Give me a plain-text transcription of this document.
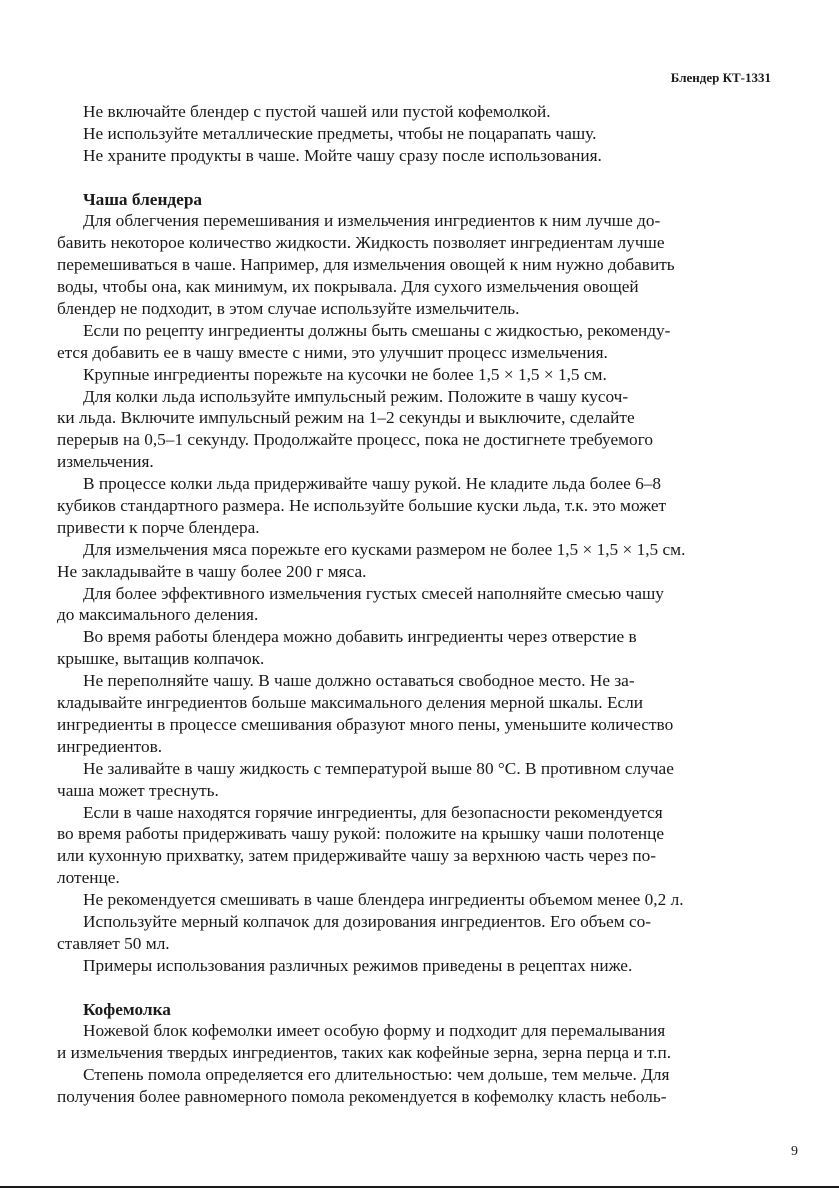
Блендер КТ-1331
Не включайте блендер с пустой чашей или пустой кофемолкой.
Не используйте металлические предметы, чтобы не поцарапать чашу.
Не храните продукты в чаше. Мойте чашу сразу после использования.
Чаша блендера
Для облегчения перемешивания и измельчения ингредиентов к ним лучше до-
бавить некоторое количество жидкости. Жидкость позволяет ингредиентам лучше
перемешиваться в чаше. Например, для измельчения овощей к ним нужно добавить
воды, чтобы она, как минимум, их покрывала. Для сухого измельчения овощей
блендер не подходит, в этом случае используйте измельчитель.
Если по рецепту ингредиенты должны быть смешаны с жидкостью, рекоменду-
ется добавить ее в чашу вместе с ними, это улучшит процесс измельчения.
Крупные ингредиенты порежьте на кусочки не более 1,5 × 1,5 × 1,5 см.
Для колки льда используйте импульсный режим. Положите в чашу кусоч-
ки льда. Включите импульсный режим на 1–2 секунды и выключите, сделайте
перерыв на 0,5–1 секунду. Продолжайте процесс, пока не достигнете требуемого
измельчения.
В процессе колки льда придерживайте чашу рукой. Не кладите льда более 6–8
кубиков стандартного размера. Не используйте большие куски льда, т.к. это может
привести к порче блендера.
Для измельчения мяса порежьте его кусками размером не более 1,5 × 1,5 × 1,5 см.
Не закладывайте в чашу более 200 г мяса.
Для более эффективного измельчения густых смесей наполняйте смесью чашу
до максимального деления.
Во время работы блендера можно добавить ингредиенты через отверстие в
крышке, вытащив колпачок.
Не переполняйте чашу. В чаше должно оставаться свободное место. Не за-
кладывайте ингредиентов больше максимального деления мерной шкалы. Если
ингредиенты в процессе смешивания образуют много пены, уменьшите количество
ингредиентов.
Не заливайте в чашу жидкость с температурой выше 80 °С. В противном случае
чаша может треснуть.
Если в чаше находятся горячие ингредиенты, для безопасности рекомендуется
во время работы придерживать чашу рукой: положите на крышку чаши полотенце
или кухонную прихватку, затем придерживайте чашу за верхнюю часть через по-
лотенце.
Не рекомендуется смешивать в чаше блендера ингредиенты объемом менее 0,2 л.
Используйте мерный колпачок для дозирования ингредиентов. Его объем со-
ставляет 50 мл.
Примеры использования различных режимов приведены в рецептах ниже.
Кофемолка
Ножевой блок кофемолки имеет особую форму и подходит для перемалывания
и измельчения твердых ингредиентов, таких как кофейные зерна, зерна перца и т.п.
Степень помола определяется его длительностью: чем дольше, тем мельче. Для
получения более равномерного помола рекомендуется в кофемолку класть неболь-
9
